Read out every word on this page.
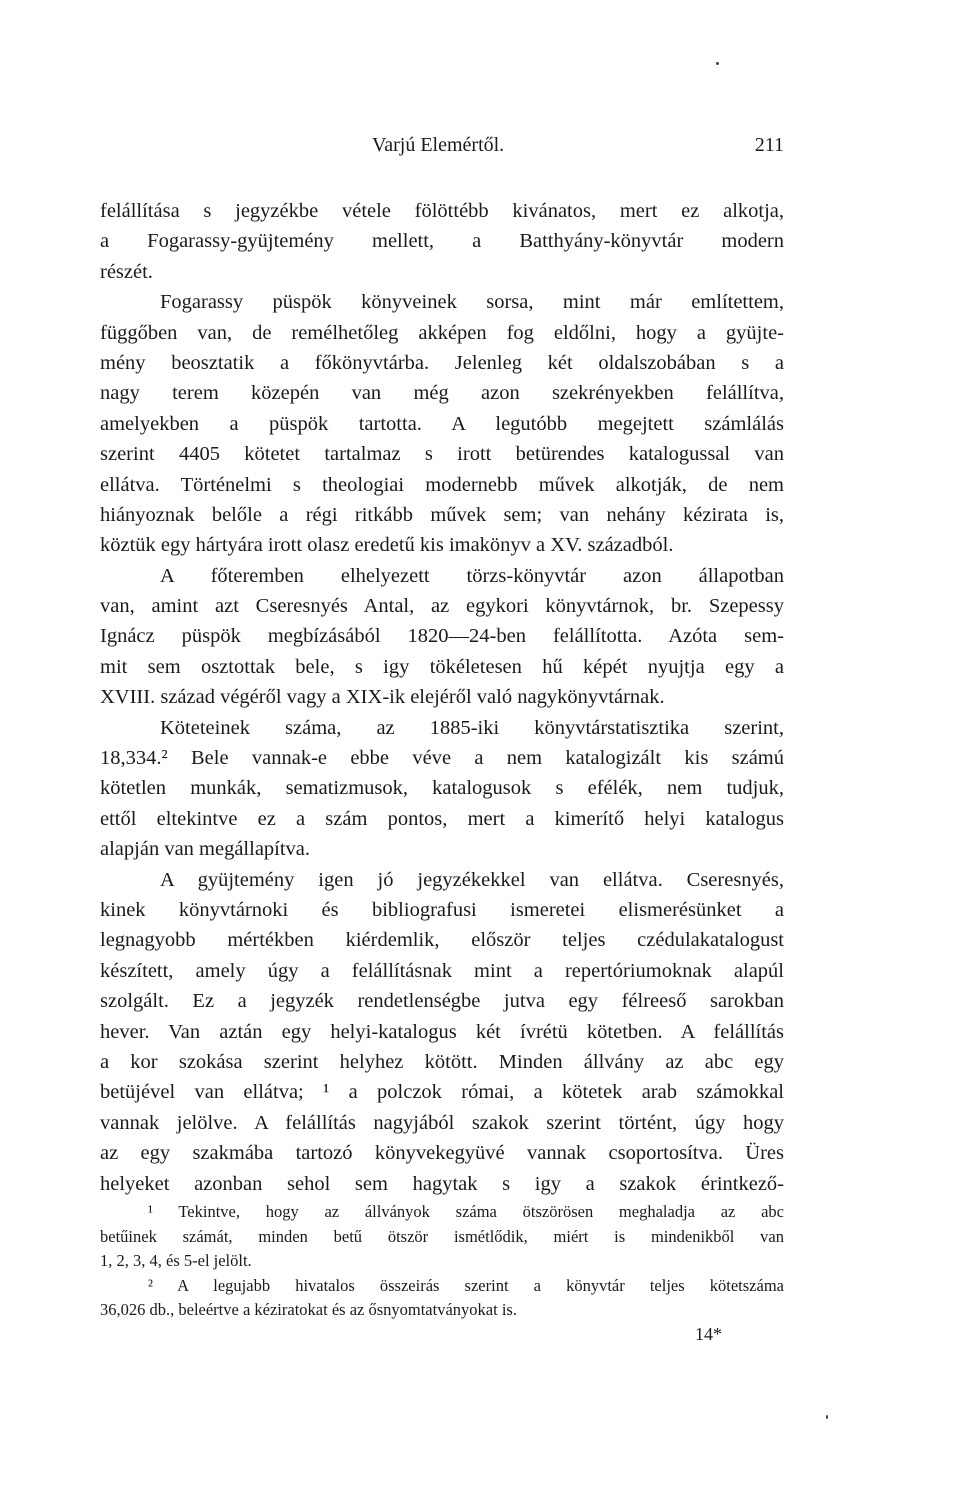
Varjú Elemértől.	211
felállítása s jegyzékbe vétele fölöttébb kivánatos, mert ez alkotja,
a Fogarassy-gyüjtemény mellett, a Batthyány-könyvtár modern
részét.
Fogarassy püspök könyveinek sorsa, mint már említettem,
függőben van, de remélhetőleg akképen fog eldőlni, hogy a gyüjte-
mény beosztatik a főkönyvtárba. Jelenleg két oldalszobában s a
nagy terem közepén van még azon szekrényekben felállítva,
amelyekben a püspök tartotta. A legutóbb megejtett számlálás
szerint 4405 kötetet tartalmaz s irott betürendes katalogussal van
ellátva. Történelmi s theologiai modernebb művek alkotják, de nem
hiányoznak belőle a régi ritkább művek sem; van nehány kézirata is,
köztük egy hártyára irott olasz eredetű kis imakönyv a XV. századból.
A főteremben elhelyezett törzs-könyvtár azon állapotban
van, amint azt Cseresnyés Antal, az egykori könyvtárnok, br. Szepessy
Ignácz püspök megbízásából 1820—24-ben felállította. Azóta sem-
mit sem osztottak bele, s igy tökéletesen hű képét nyujtja egy a
XVIII. század végéről vagy a XIX-ik elejéről való nagykönyvtárnak.
Köteteinek száma, az 1885-iki könyvtárstatisztika szerint,
18,334.² Bele vannak-e ebbe véve a nem katalogizált kis számú
kötetlen munkák, sematizmusok, katalogusok s efélék, nem tudjuk,
ettől eltekintve ez a szám pontos, mert a kimerítő helyi katalogus
alapján van megállapítva.
A gyüjtemény igen jó jegyzékekkel van ellátva. Cseresnyés,
kinek könyvtárnoki és bibliografusi ismeretei elismerésünket a
legnagyobb mértékben kiérdemlik, először teljes czédulakatalogust
készített, amely úgy a felállításnak mint a repertóriumoknak alapúl
szolgált. Ez a jegyzék rendetlenségbe jutva egy félreeső sarokban
hever. Van aztán egy helyi-katalogus két ívrétü kötetben. A felállítás
a kor szokása szerint helyhez kötött. Minden állvány az abc egy
betüjével van ellátva; ¹ a polczok római, a kötetek arab számokkal
vannak jelölve. A felállítás nagyjából szakok szerint történt, úgy hogy
az egy szakmába tartozó könyvekegyüvé vannak csoportosítva. Üres
helyeket azonban sehol sem hagytak s igy a szakok érintkező-
¹ Tekintve, hogy az állványok száma ötszörösen meghaladja az abc
betűinek számát, minden betű ötször ismétlődik, miért is mindenikből van
1, 2, 3, 4, és 5-el jelölt.
² A legujabb hivatalos összeirás szerint a könyvtár teljes kötetszáma
36,026 db., beleértve a kéziratokat és az ősnyomtatványokat is.
14*
